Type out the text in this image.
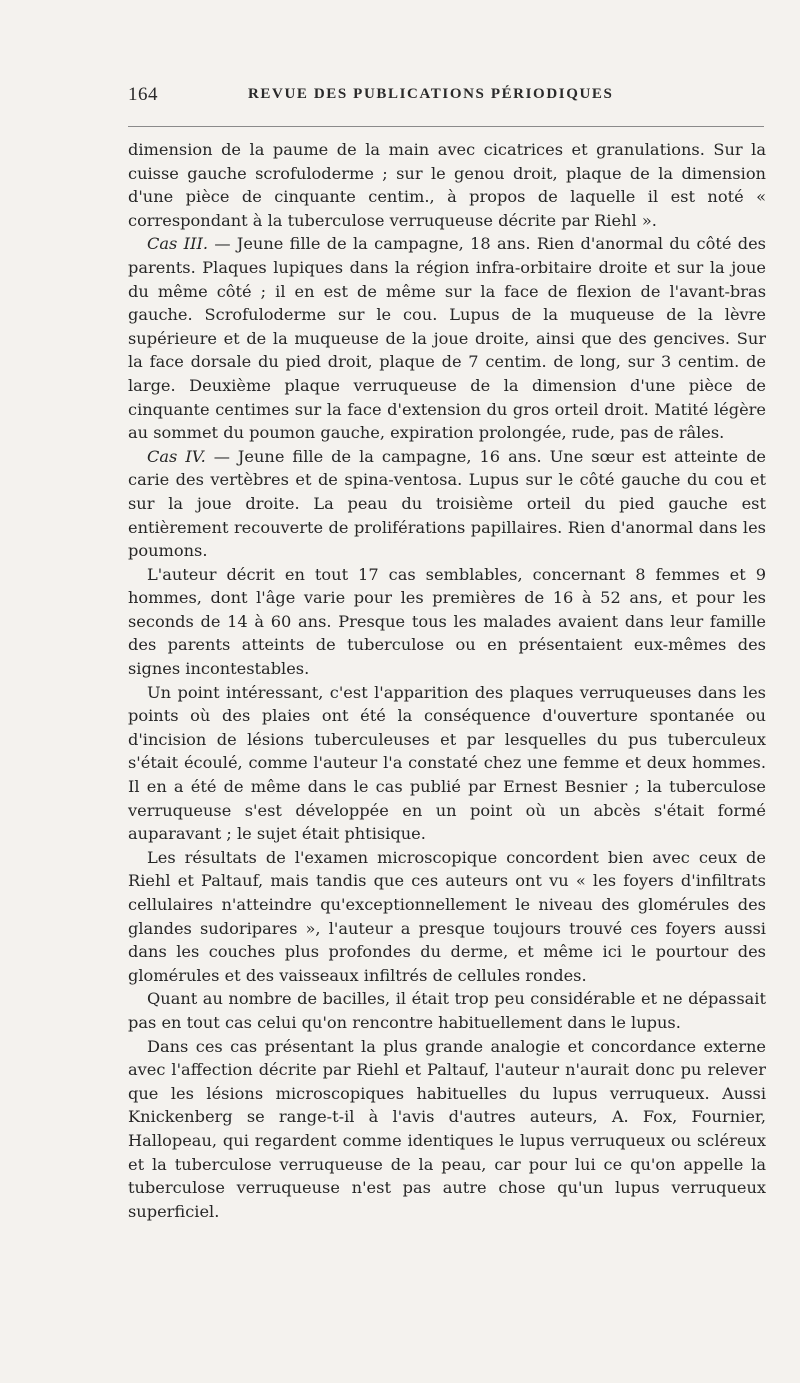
164	REVUE DES PUBLICATIONS PÉRIODIQUES

dimension de la paume de la main avec cicatrices et granulations. Sur la cuisse gauche scrofuloderme ; sur le genou droit, plaque de la dimension d'une pièce de cinquante centim., à propos de laquelle il est noté « correspondant à la tuberculose verruqueuse décrite par Riehl ».

Cas III. — Jeune fille de la campagne, 18 ans. Rien d'anormal du côté des parents. Plaques lupiques dans la région infra-orbitaire droite et sur la joue du même côté ; il en est de même sur la face de flexion de l'avant-bras gauche. Scrofuloderme sur le cou. Lupus de la muqueuse de la lèvre supérieure et de la muqueuse de la joue droite, ainsi que des gencives. Sur la face dorsale du pied droit, plaque de 7 centim. de long, sur 3 centim. de large. Deuxième plaque verruqueuse de la dimension d'une pièce de cinquante centimes sur la face d'extension du gros orteil droit. Matité légère au sommet du poumon gauche, expiration prolongée, rude, pas de râles.

Cas IV. — Jeune fille de la campagne, 16 ans. Une sœur est atteinte de carie des vertèbres et de spina-ventosa. Lupus sur le côté gauche du cou et sur la joue droite. La peau du troisième orteil du pied gauche est entièrement recouverte de proliférations papillaires. Rien d'anormal dans les poumons.

L'auteur décrit en tout 17 cas semblables, concernant 8 femmes et 9 hommes, dont l'âge varie pour les premières de 16 à 52 ans, et pour les seconds de 14 à 60 ans. Presque tous les malades avaient dans leur famille des parents atteints de tuberculose ou en présentaient eux-mêmes des signes incontestables.

Un point intéressant, c'est l'apparition des plaques verruqueuses dans les points où des plaies ont été la conséquence d'ouverture spontanée ou d'incision de lésions tuberculeuses et par lesquelles du pus tuberculeux s'était écoulé, comme l'auteur l'a constaté chez une femme et deux hommes. Il en a été de même dans le cas publié par Ernest Besnier ; la tuberculose verruqueuse s'est développée en un point où un abcès s'était formé auparavant ; le sujet était phtisique.

Les résultats de l'examen microscopique concordent bien avec ceux de Riehl et Paltauf, mais tandis que ces auteurs ont vu « les foyers d'infiltrats cellulaires n'atteindre qu'exceptionnellement le niveau des glomérules des glandes sudoripares », l'auteur a presque toujours trouvé ces foyers aussi dans les couches plus profondes du derme, et même ici le pourtour des glomérules et des vaisseaux infiltrés de cellules rondes.

Quant au nombre de bacilles, il était trop peu considérable et ne dépassait pas en tout cas celui qu'on rencontre habituellement dans le lupus.

Dans ces cas présentant la plus grande analogie et concordance externe avec l'affection décrite par Riehl et Paltauf, l'auteur n'aurait donc pu relever que les lésions microscopiques habituelles du lupus verruqueux. Aussi Knickenberg se range-t-il à l'avis d'autres auteurs, A. Fox, Fournier, Hallopeau, qui regardent comme identiques le lupus verruqueux ou scléreux et la tuberculose verruqueuse de la peau, car pour lui ce qu'on appelle la tuberculose verruqueuse n'est pas autre chose qu'un lupus verruqueux superficiel.
